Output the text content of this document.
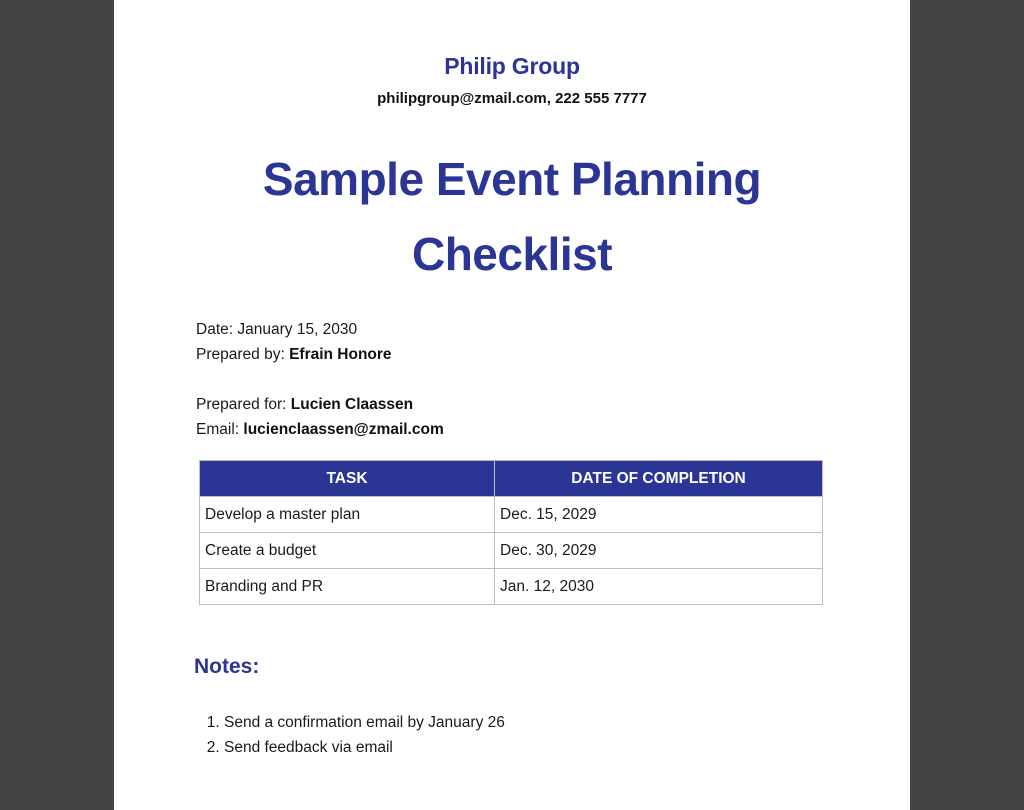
Philip Group
philipgroup@zmail.com, 222 555 7777
Sample Event Planning
Checklist
Date: January 15, 2030
Prepared by: Efrain Honore
Prepared for: Lucien Claassen
Email: lucienclaassen@zmail.com
TASK	DATE OF COMPLETION
Develop a master plan	Dec. 15, 2029
Create a budget	Dec. 30, 2029
Branding and PR	Jan. 12, 2030
Notes:
1. Send a confirmation email by January 26
2. Send feedback via email
